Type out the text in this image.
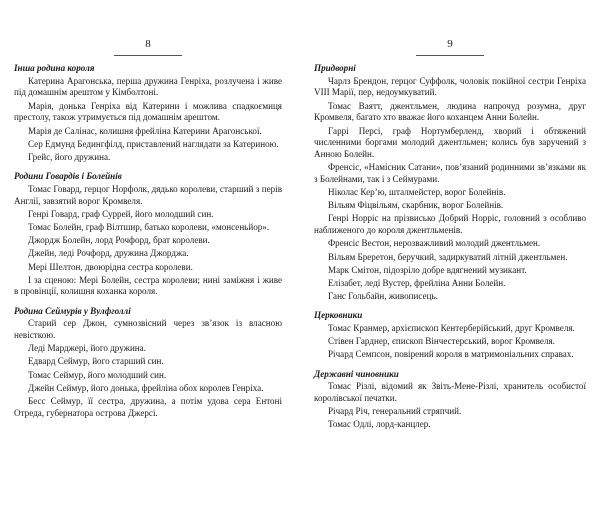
8
Інша родина короля
Катерина Арагонська, перша дружина Генріха, розлучена і живе під домашнім арештом у Кімболтоні.
Марія, донька Генріха від Катерини і можлива спадкоємиця престолу, також утримується під домашнім арештом.
Марія де Салінас, колишня фрейліна Катерини Арагонської.
Сер Едмунд Бедингфілд, приставлений наглядати за Катериною.
Грейс, його дружина.
Родини Говардів і Болейнів
Томас Говард, герцог Норфолк, дядько королеви, старший з перів Англії, завзятий ворог Кромвеля.
Генрі Говард, граф Суррей, його молодший син.
Томас Болейн, граф Вілтшир, батько королеви, «монсеньйор».
Джордж Болейн, лорд Рочфорд, брат королеви.
Джейн, леді Рочфорд, дружина Джорджа.
Мері Шелтон, двоюрідна сестра королеви.
І за сценою: Мері Болейн, сестра королеви; нині заміжня і живе в провінції, колишня коханка короля.
Родина Сеймурів у Вулфголлі
Старий сер Джон, сумнозвісний через зв’язок із власною невісткою.
Леді Марджері, його дружина.
Едвард Сеймур, його старший син.
Томас Сеймур, його молодший син.
Джейн Сеймур, його донька, фрейліна обох королев Генріха.
Бесс Сеймур, її сестра, дружина, а потім удова сера Ентоні Отреда, губернатора острова Джерсі.
9
Придворні
Чарлз Брендон, герцог Суффолк, чоловік покійної сестри Генріха VIII Марії, пер, недоумкуватий.
Томас Ваятт, джентльмен, людина напрочуд розумна, друг Кромвеля, багато хто вважає його коханцем Анни Болейн.
Гаррі Персі, граф Нортумберленд, хворий і обтяжений численними боргами молодий джентльмен; колись був заручений з Анною Болейн.
Френсіс, «Намісник Сатани», пов’язаний родинними зв’язками як з Болейнами, так і з Сеймурами.
Ніколас Кер’ю, шталмейстер, ворог Болейнів.
Вільям Фіцвільям, скарбник, ворог Болейнів.
Генрі Норріс на прізвисько Добрий Норріс, головний з особливо наближеного до короля джентльменів.
Френсіс Вестон, нерозважливий молодий джентльмен.
Вільям Бреретон, беручкий, задиркуватий літній джентльмен.
Марк Смітон, підозріло добре вдягнений музикант.
Елізабет, леді Вустер, фрейліна Анни Болейн.
Ганс Гольбайн, живописець.
Церковники
Томас Кранмер, архієпископ Кентерберійський, друг Кромвеля.
Стівен Гарднер, єпископ Вінчестерський, ворог Кромвеля.
Річард Семпсон, повірений короля в матримоніальних справах.
Державні чиновники
Томас Різлі, відомий як Звіть-Мене-Різлі, хранитель особистої королівської печатки.
Річард Річ, генеральний стряпчий.
Томас Одлі, лорд-канцлер.
